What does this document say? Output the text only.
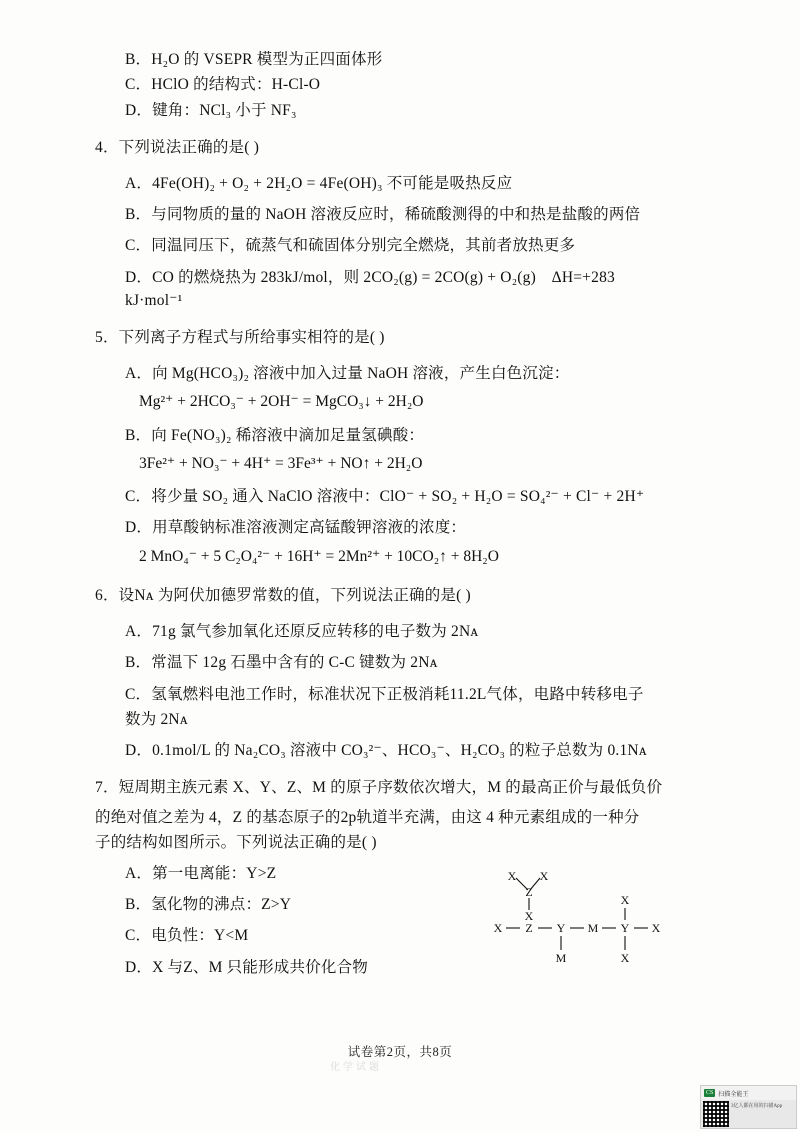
B．H₂O 的 VSEPR 模型为正四面体形
C．HClO 的结构式：H-Cl-O
D．键角：NCl₃ 小于 NF₃
4．下列说法正确的是( )
A．4Fe(OH)₂ + O₂ + 2H₂O = 4Fe(OH)₃ 不可能是吸热反应
B．与同物质的量的 NaOH 溶液反应时，稀硫酸测得的中和热是盐酸的两倍
C．同温同压下，硫蒸气和硫固体分别完全燃烧，其前者放热更多
D．CO 的燃烧热为 283kJ/mol，则 2CO₂(g) = 2CO(g) + O₂(g)　ΔH=+283 kJ·mol⁻¹
5．下列离子方程式与所给事实相符的是( )
A．向 Mg(HCO₃)₂ 溶液中加入过量 NaOH 溶液，产生白色沉淀：
Mg²⁺ + 2HCO₃⁻ + 2OH⁻ = MgCO₃↓ + 2H₂O
B．向 Fe(NO₃)₂ 稀溶液中滴加足量氢碘酸：
3Fe²⁺ + NO₃⁻ + 4H⁺ = 3Fe³⁺ + NO↑ + 2H₂O
C．将少量 SO₂ 通入 NaClO 溶液中：ClO⁻ + SO₂ + H₂O = SO₄²⁻ + Cl⁻ + 2H⁺
D．用草酸钠标准溶液测定高锰酸钾溶液的浓度：
2 MnO₄⁻ + 5 C₂O₄²⁻ + 16H⁺ = 2Mn²⁺ + 10CO₂↑ + 8H₂O
6．设Nᴀ 为阿伏加德罗常数的值，下列说法正确的是( )
A．71g 氯气参加氧化还原反应转移的电子数为 2Nᴀ
B．常温下 12g 石墨中含有的 C-C 键数为 2Nᴀ
C．氢氧燃料电池工作时，标准状况下正极消耗11.2L气体，电路中转移电子
数为 2Nᴀ
D．0.1mol/L 的 Na₂CO₃ 溶液中 CO₃²⁻、HCO₃⁻、H₂CO₃ 的粒子总数为 0.1Nᴀ
7．短周期主族元素 X、Y、Z、M 的原子序数依次增大，M 的最高正价与最低负价
的绝对值之差为 4，Z 的基态原子的2p轨道半充满，由这 4 种元素组成的一种分
子的结构如图所示。下列说法正确的是( )
A．第一电离能：Y>Z
B．氢化物的沸点：Z>Y
C．电负性：Y<M
D．X 与Z、M 只能形成共价化合物
X X
Z
X
X Z Y M Y X
X
M	X
化学试题
试卷第2页，共8页
CS 扫描全能王
3亿人都在用的扫描App
